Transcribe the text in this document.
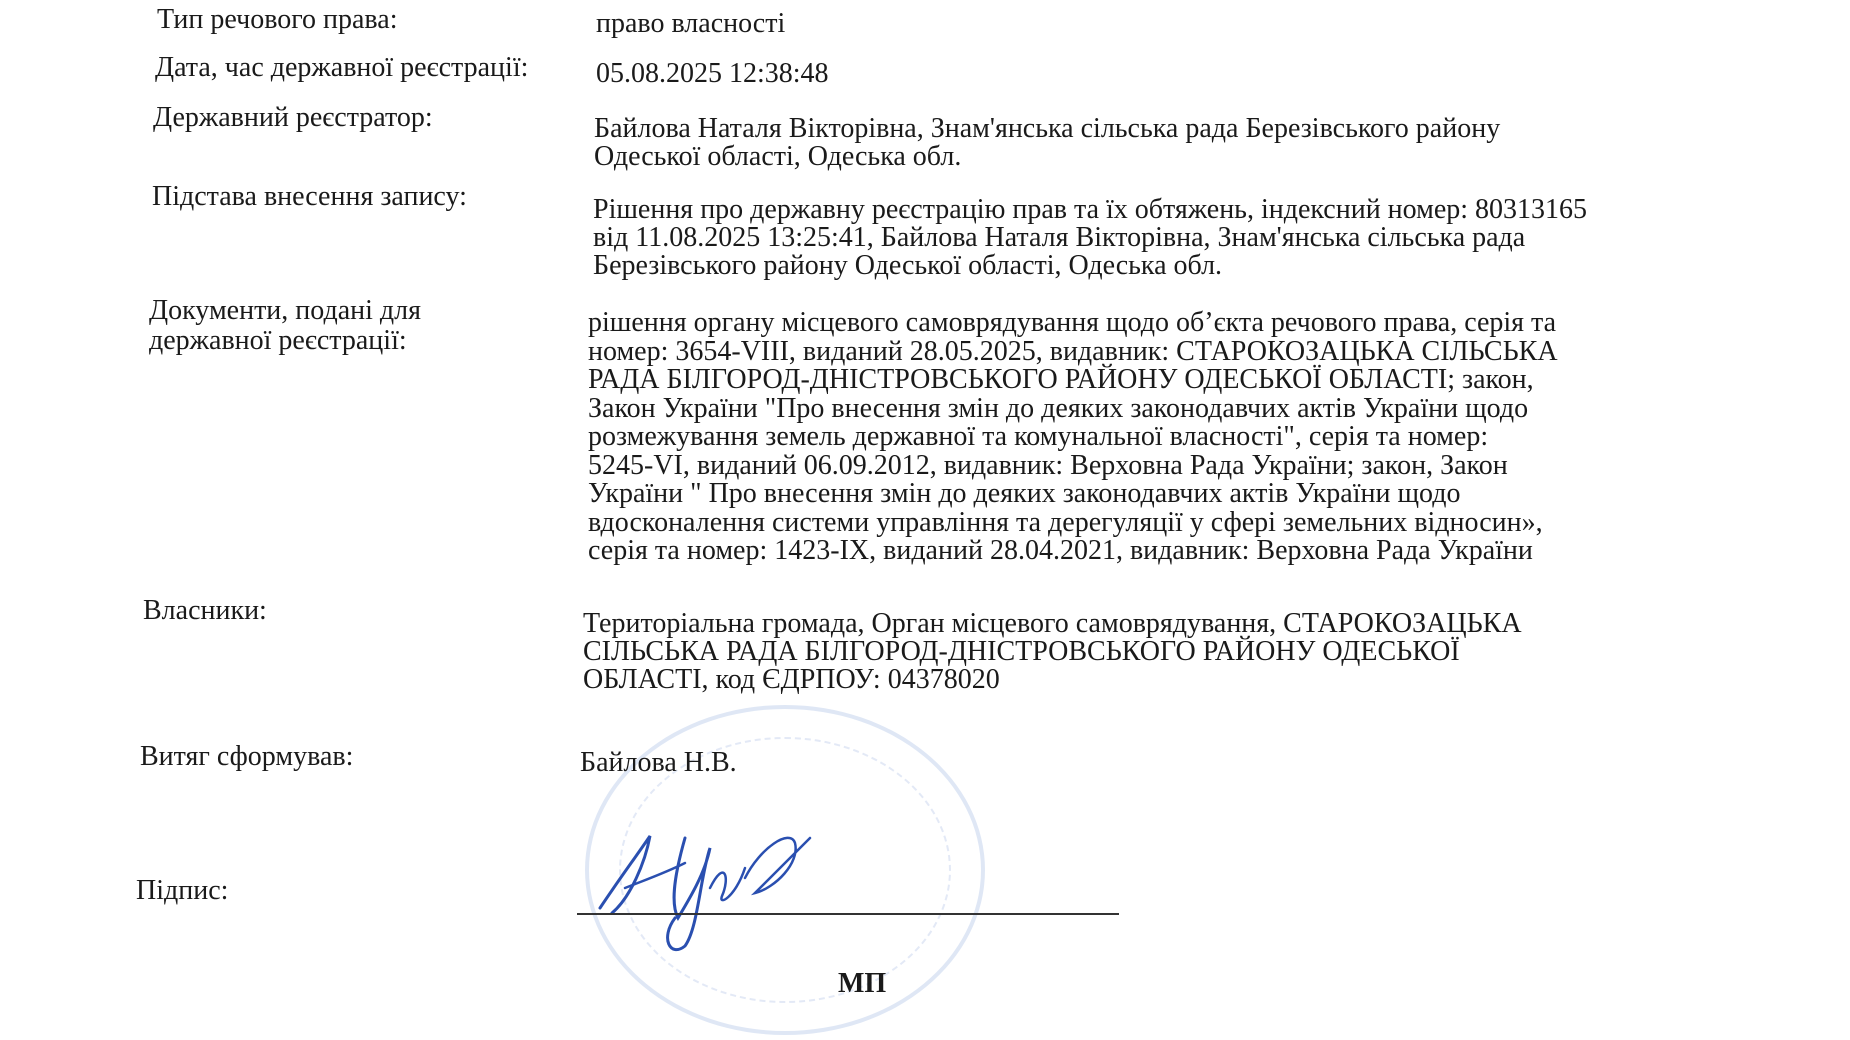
Тип речового права:	право власності
Дата, час державної реєстрації: 05.08.2025 12:38:48
Державний реєстратор:	Байлова Наталя Вікторівна, Знам'янська сільська рада Березівського району
Одеської області, Одеська обл.
Підстава внесення запису:	Рішення про державну реєстрацію прав та їх обтяжень, індексний номер: 80313165
від 11.08.2025 13:25:41, Байлова Наталя Вікторівна, Знам'янська сільська рада
Березівського району Одеської області, Одеська обл.
Документи, подані для
державної реєстрації:
рішення органу місцевого самоврядування щодо об’єкта речового права, серія та
номер: 3654-VIII, виданий 28.05.2025, видавник: СТАРОКОЗАЦЬКА СІЛЬСЬКА
РАДА БІЛГОРОД-ДНІСТРОВСЬКОГО РАЙОНУ ОДЕСЬКОЇ ОБЛАСТІ; закон,
Закон України "Про внесення змін до деяких законодавчих актів України щодо
розмежування земель державної та комунальної власності", серія та номер:
5245-VI, виданий 06.09.2012, видавник: Верховна Рада України; закон, Закон
України " Про внесення змін до деяких законодавчих актів України щодо
вдосконалення системи управління та дерегуляції у сфері земельних відносин»,
серія та номер: 1423-IX, виданий 28.04.2021, видавник: Верховна Рада України
Власники:	Територіальна громада, Орган місцевого самоврядування, СТАРОКОЗАЦЬКА
СІЛЬСЬКА РАДА БІЛГОРОД-ДНІСТРОВСЬКОГО РАЙОНУ ОДЕСЬКОЇ
ОБЛАСТІ, код ЄДРПОУ: 04378020
Витяг сформував:	Байлова Н.В.
Підпис:
МП
